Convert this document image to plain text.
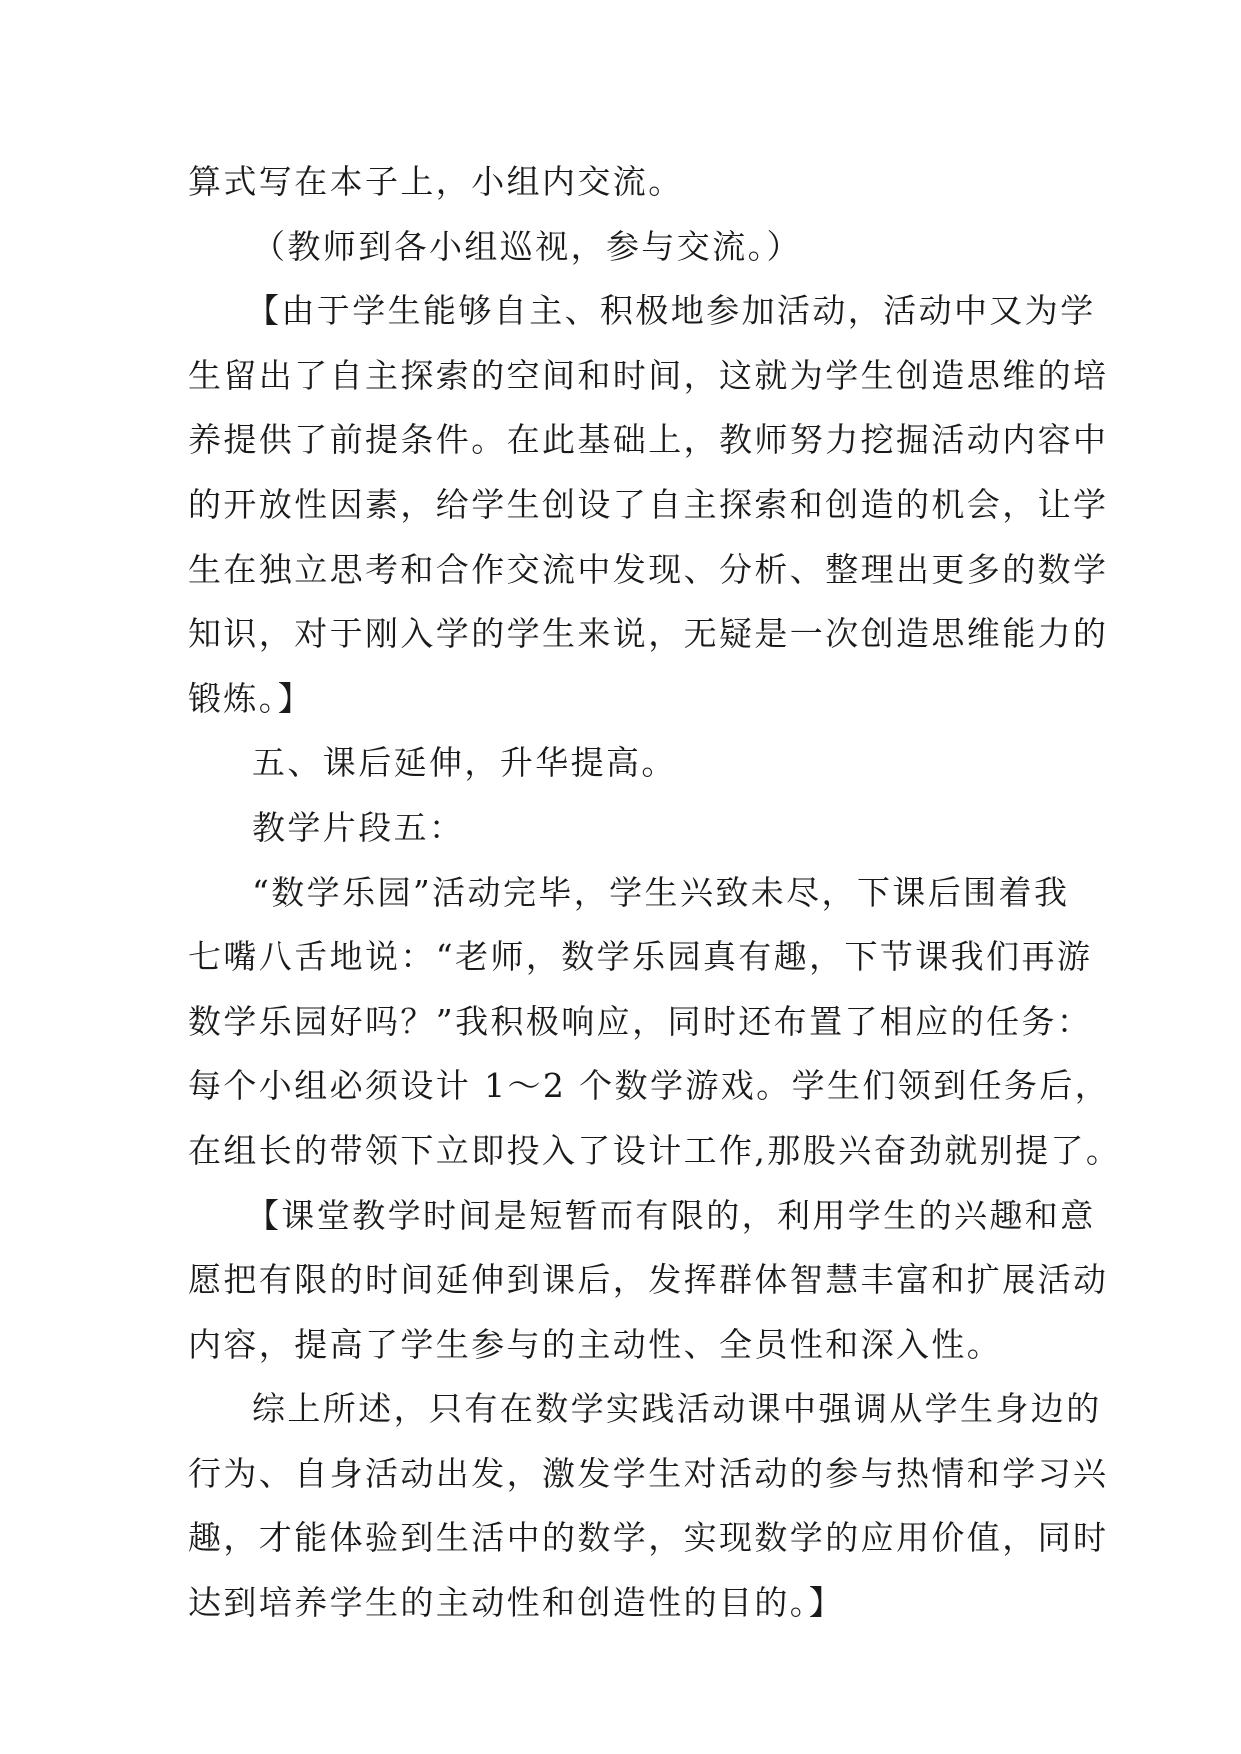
算式写在本子上，小组内交流。
（教师到各小组巡视，参与交流。）
【由于学生能够自主、积极地参加活动，活动中又为学
生留出了自主探索的空间和时间，这就为学生创造思维的培
养提供了前提条件。在此基础上，教师努力挖掘活动内容中
的开放性因素，给学生创设了自主探索和创造的机会，让学
生在独立思考和合作交流中发现、分析、整理出更多的数学
知识，对于刚入学的学生来说，无疑是一次创造思维能力的
锻炼。】
五、课后延伸，升华提高。
教学片段五：
“数学乐园”活动完毕，学生兴致未尽，下课后围着我
七嘴八舌地说：“老师，数学乐园真有趣，下节课我们再游
数学乐园好吗？”我积极响应，同时还布置了相应的任务：
每个小组必须设计 1～2 个数学游戏。学生们领到任务后，
在组长的带领下立即投入了设计工作,那股兴奋劲就别提了。
【课堂教学时间是短暂而有限的，利用学生的兴趣和意
愿把有限的时间延伸到课后，发挥群体智慧丰富和扩展活动
内容，提高了学生参与的主动性、全员性和深入性。
综上所述，只有在数学实践活动课中强调从学生身边的
行为、自身活动出发，激发学生对活动的参与热情和学习兴
趣，才能体验到生活中的数学，实现数学的应用价值，同时
达到培养学生的主动性和创造性的目的。】
